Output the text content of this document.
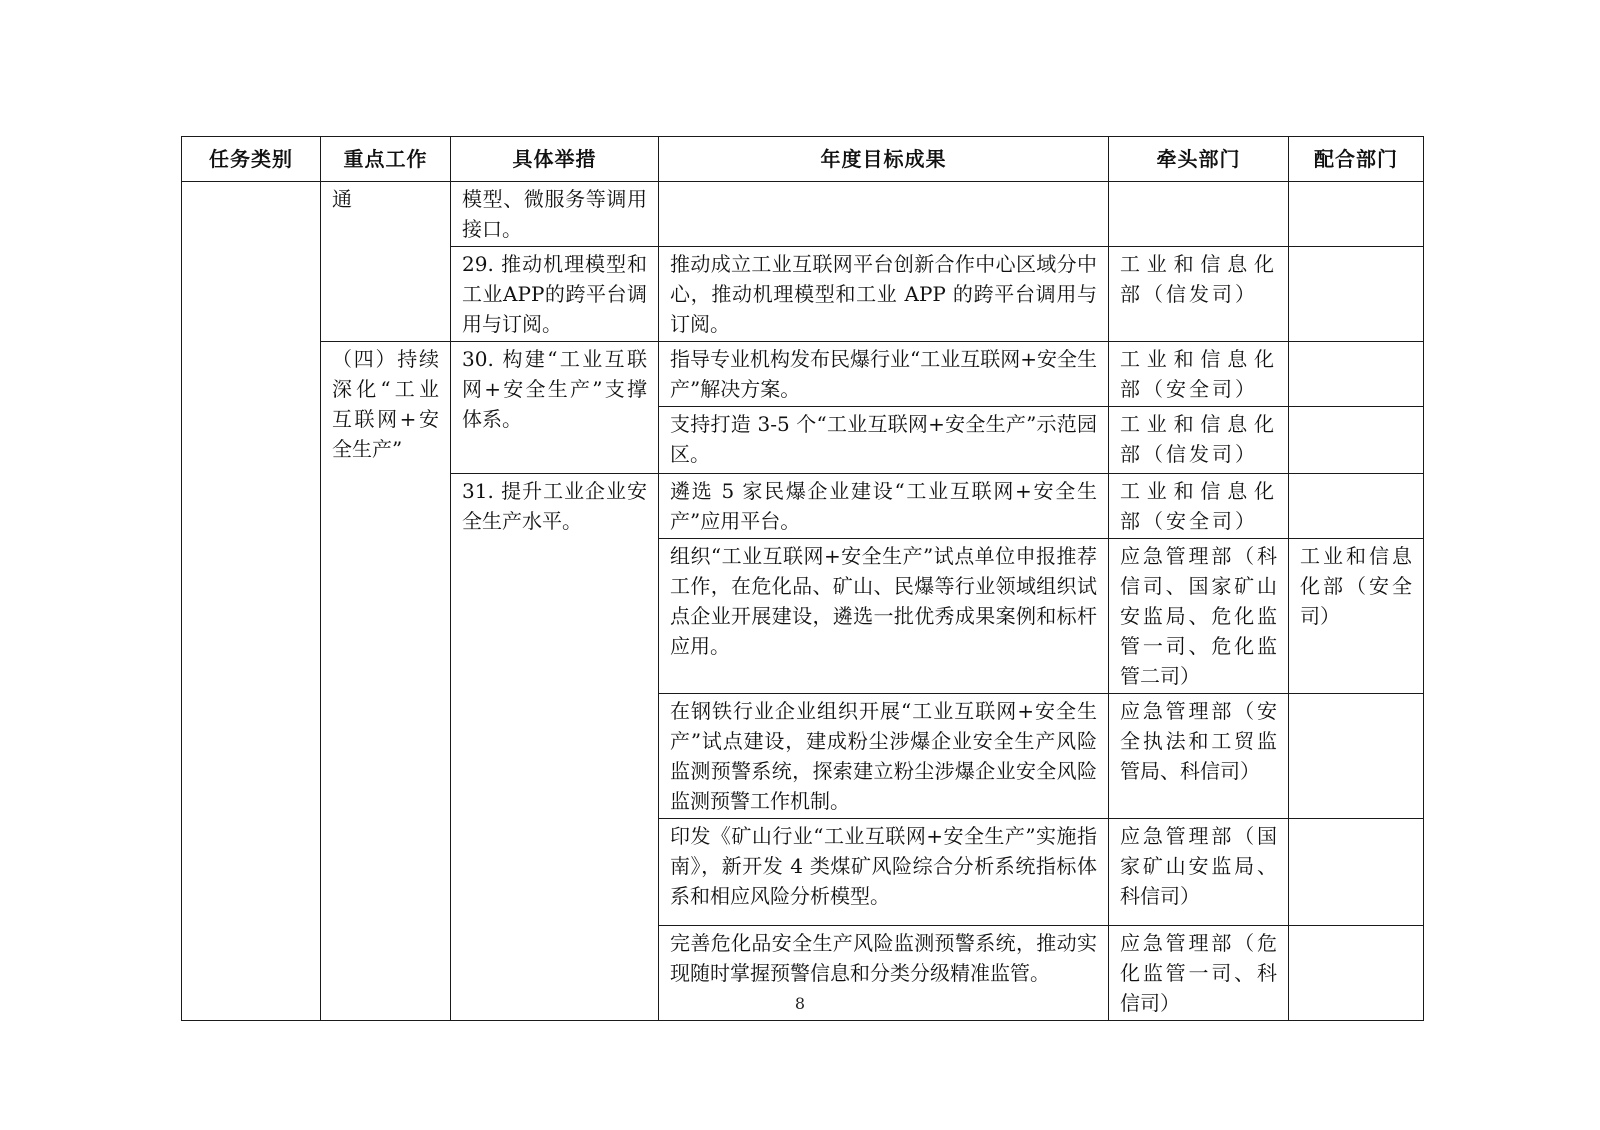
任务类别	重点工作	具体举措	年度目标成果	牵头部门	配合部门
	通	模型、微服务等调用接口。			
		29. 推动机理模型和工业APP的跨平台调用与订阅。	推动成立工业互联网平台创新合作中心区域分中心，推动机理模型和工业 APP 的跨平台调用与订阅。	工业和信息化部（信发司）	
	（四）持续深化“工业互联网+安全生产”	30. 构建“工业互联网+安全生产”支撑体系。	指导专业机构发布民爆行业“工业互联网+安全生产”解决方案。	工业和信息化部（安全司）	
			支持打造 3-5 个“工业互联网+安全生产”示范园区。	工业和信息化部（信发司）	
		31. 提升工业企业安全生产水平。	遴选 5 家民爆企业建设“工业互联网+安全生产”应用平台。	工业和信息化部（安全司）	
			组织“工业互联网+安全生产”试点单位申报推荐工作，在危化品、矿山、民爆等行业领域组织试点企业开展建设，遴选一批优秀成果案例和标杆应用。	应急管理部（科信司、国家矿山安监局、危化监管一司、危化监管二司）	工业和信息化部（安全司）
			在钢铁行业企业组织开展“工业互联网+安全生产”试点建设，建成粉尘涉爆企业安全生产风险监测预警系统，探索建立粉尘涉爆企业安全风险监测预警工作机制。	应急管理部（安全执法和工贸监管局、科信司）	
			印发《矿山行业“工业互联网+安全生产”实施指南》，新开发 4 类煤矿风险综合分析系统指标体系和相应风险分析模型。	应急管理部（国家矿山安监局、科信司）	
			完善危化品安全生产风险监测预警系统，推动实现随时掌握预警信息和分类分级精准监管。	应急管理部（危化监管一司、科信司）	
8
